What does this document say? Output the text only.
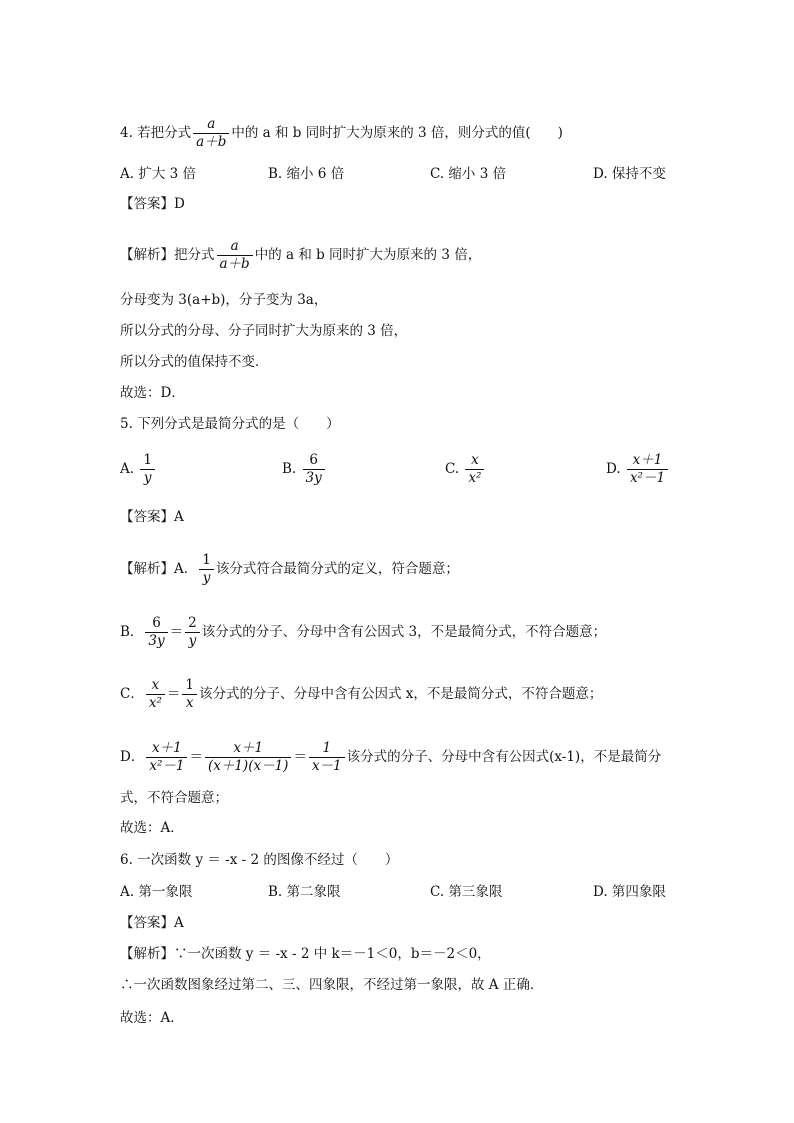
4. 若把分式 $\frac{a}{a+b}$ 中的 a 和 b 同时扩大为原来的 3 倍，则分式的值(　　)
A. 扩大 3 倍	B. 缩小 6 倍	C. 缩小 3 倍	D. 保持不变
【答案】D
【解析】把分式 $\frac{a}{a+b}$ 中的 a 和 b 同时扩大为原来的 3 倍，
分母变为 3(a+b)，分子变为 3a，
所以分式的分母、分子同时扩大为原来的 3 倍，
所以分式的值保持不变．
故选：D．
5. 下列分式是最简分式的是（　　）
A. $\frac{1}{y}$	B. $\frac{6}{3y}$	C. $\frac{x}{\text{x²}}$	D. $\frac{x+1}{\text{x²－1}}$
【答案】A
【解析】A． $\frac{1}{y}$ 该分式符合最简分式的定义，符合题意；
B． $\frac{6}{3y} = \frac{2}{y}$ 该分式的分子、分母中含有公因式 3，不是最简分式，不符合题意；
C． $\frac{x}{\text{x²}} = \frac{1}{x}$ 该分式的分子、分母中含有公因式 x，不是最简分式，不符合题意；
D． $\frac{x+1}{\text{x²－1}} = \frac{x+1}{(x+1)(x-1)} = \frac{1}{x-1}$ 该分式的分子、分母中含有公因式(x-1)，不是最简分
式，不符合题意；
故选：A．
6. 一次函数 y ＝ -x - 2 的图像不经过（　　）
A. 第一象限	B. 第二象限	C. 第三象限	D. 第四象限
【答案】A
【解析】∵一次函数 y ＝ -x - 2 中 k＝－1＜0，b＝－2＜0，
∴一次函数图象经过第二、三、四象限，不经过第一象限，故 A 正确．
故选：A．
